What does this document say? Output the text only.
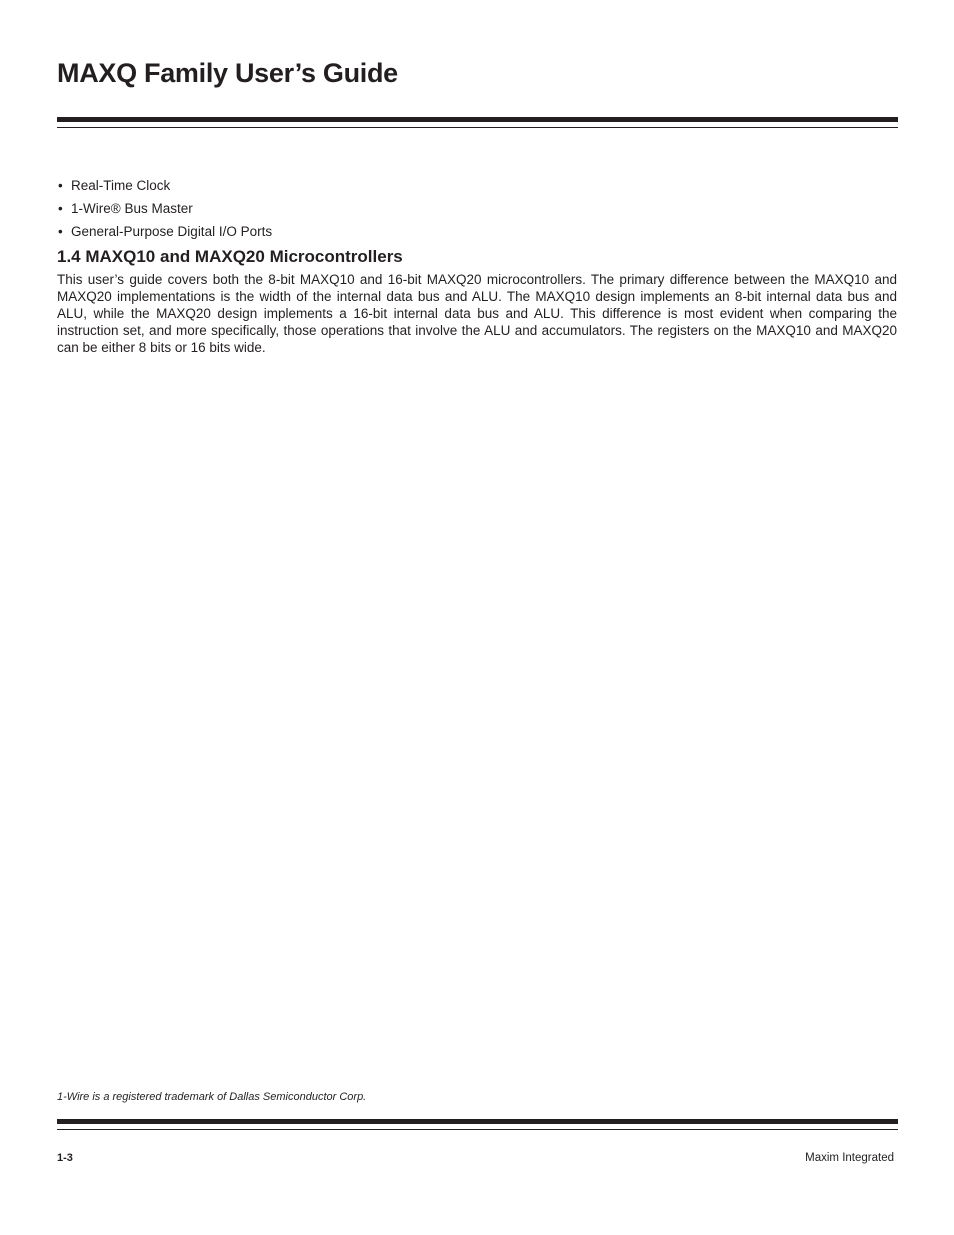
MAXQ Family User’s Guide
• Real-Time Clock
• 1-Wire® Bus Master
• General-Purpose Digital I/O Ports
1.4 MAXQ10 and MAXQ20 Microcontrollers

This user’s guide covers both the 8-bit MAXQ10 and 16-bit MAXQ20 microcontrollers. The primary difference between the MAXQ10 and MAXQ20 implementations is the width of the internal data bus and ALU. The MAXQ10 design implements an 8-bit internal data bus and ALU, while the MAXQ20 design implements a 16-bit internal data bus and ALU. This difference is most evident when comparing the instruction set, and more specifically, those operations that involve the ALU and accumulators. The registers on the MAXQ10 and MAXQ20 can be either 8 bits or 16 bits wide.

1-Wire is a registered trademark of Dallas Semiconductor Corp.

1-3	Maxim Integrated
